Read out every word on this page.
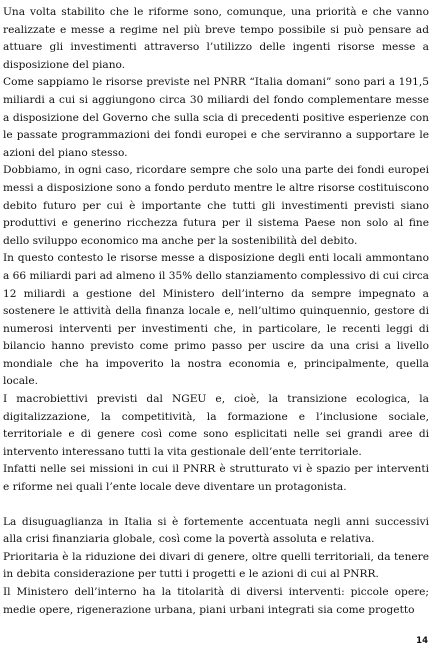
Una volta stabilito che le riforme sono, comunque, una priorità e che vanno realizzate e messe a regime nel più breve tempo possibile si può pensare ad attuare gli investimenti attraverso l’utilizzo delle ingenti risorse messe a disposizione del piano.

Come sappiamo le risorse previste nel PNRR “Italia domani” sono pari a 191,5 miliardi a cui si aggiungono circa 30 miliardi del fondo complementare messe a disposizione del Governo che sulla scia di precedenti positive esperienze con le passate programmazioni dei fondi europei e che serviranno a supportare le azioni del piano stesso.

Dobbiamo, in ogni caso, ricordare sempre che solo una parte dei fondi europei messi a disposizione sono a fondo perduto mentre le altre risorse costituiscono debito futuro per cui è importante che tutti gli investimenti previsti siano produttivi e generino ricchezza futura per il sistema Paese non solo al fine dello sviluppo economico ma anche per la sostenibilità del debito.

In questo contesto le risorse messe a disposizione degli enti locali ammontano a 66 miliardi pari ad almeno il 35% dello stanziamento complessivo di cui circa 12 miliardi a gestione del Ministero dell’interno da sempre impegnato a sostenere le attività della finanza locale e, nell’ultimo quinquennio, gestore di numerosi interventi per investimenti che, in particolare, le recenti leggi di bilancio hanno previsto come primo passo per uscire da una crisi a livello mondiale che ha impoverito la nostra economia e, principalmente, quella locale.

I macrobiettivi previsti dal NGEU e, cioè, la transizione ecologica, la digitalizzazione, la competitività, la formazione e l’inclusione sociale, territoriale e di genere così come sono esplicitati nelle sei grandi aree di intervento interessano tutti la vita gestionale dell’ente territoriale.

Infatti nelle sei missioni in cui il PNRR è strutturato vi è spazio per interventi e riforme nei quali l’ente locale deve diventare un protagonista.

La disuguaglianza in Italia si è fortemente accentuata negli anni successivi alla crisi finanziaria globale, così come la povertà assoluta e relativa.

Prioritaria è la riduzione dei divari di genere, oltre quelli territoriali, da tenere in debita considerazione per tutti i progetti e le azioni di cui al PNRR.

Il Ministero dell’interno ha la titolarità di diversi interventi: piccole opere; medie opere, rigenerazione urbana, piani urbani integrati sia come progetto

14
